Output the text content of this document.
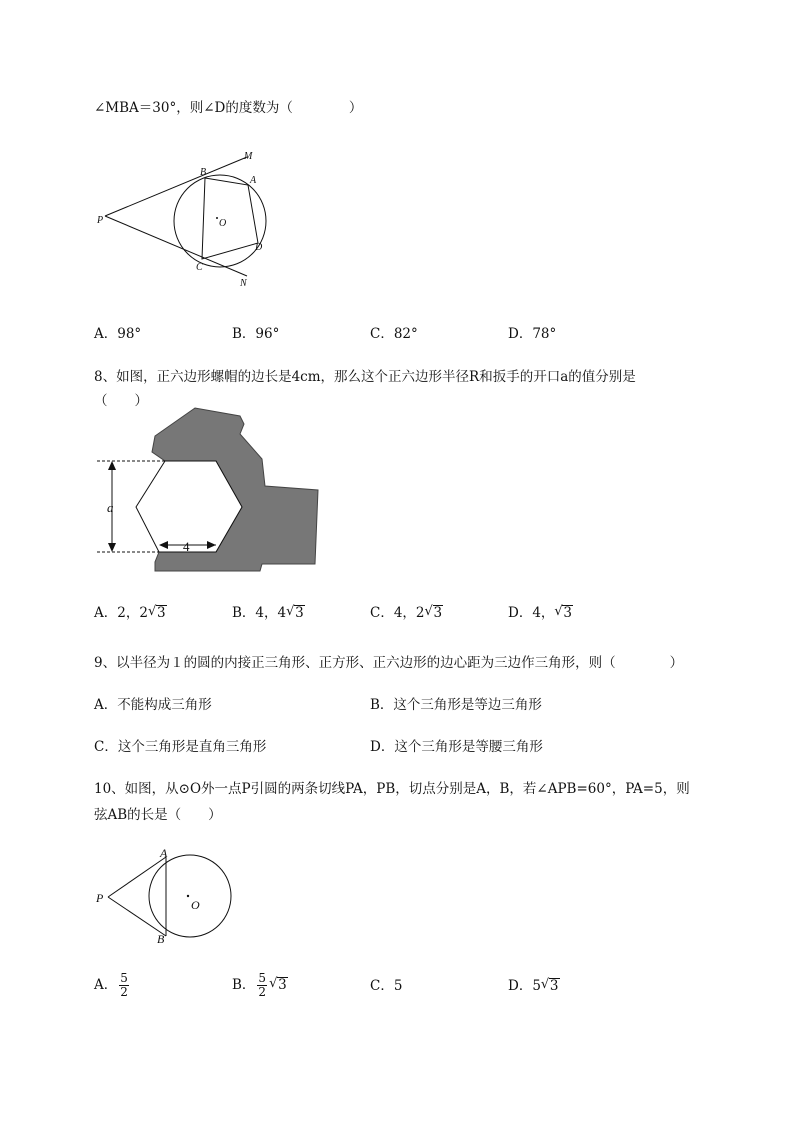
∠MBA＝30°，则∠D的度数为（	）
M
B
A
O
P
C
D
N
A．98°	B．96°	C．82°	D．78°
8、如图，正六边形螺帽的边长是4cm，那么这个正六边形半径R和扳手的开口a的值分别是
（　　）
a
4
A．2，2 √ 3	B．4，4 √ 3	C．4，2 √ 3	D．4， √ 3
9、以半径为１的圆的内接正三角形、正方形、正六边形的边心距为三边作三角形，则（　　　　）
A．不能构成三角形	B．这个三角形是等边三角形
C．这个三角形是直角三角形	D．这个三角形是等腰三角形
10、如图，从⊙O外一点P引圆的两条切线PA，PB，切点分别是A，B，若∠APB=60°，PA=5，则
弦AB的长是（　　）
A
B
P	O
A． $\frac{5}{2}$	B． $\frac{5}{2}$ √ 3	C．5	D．5 √ 3
